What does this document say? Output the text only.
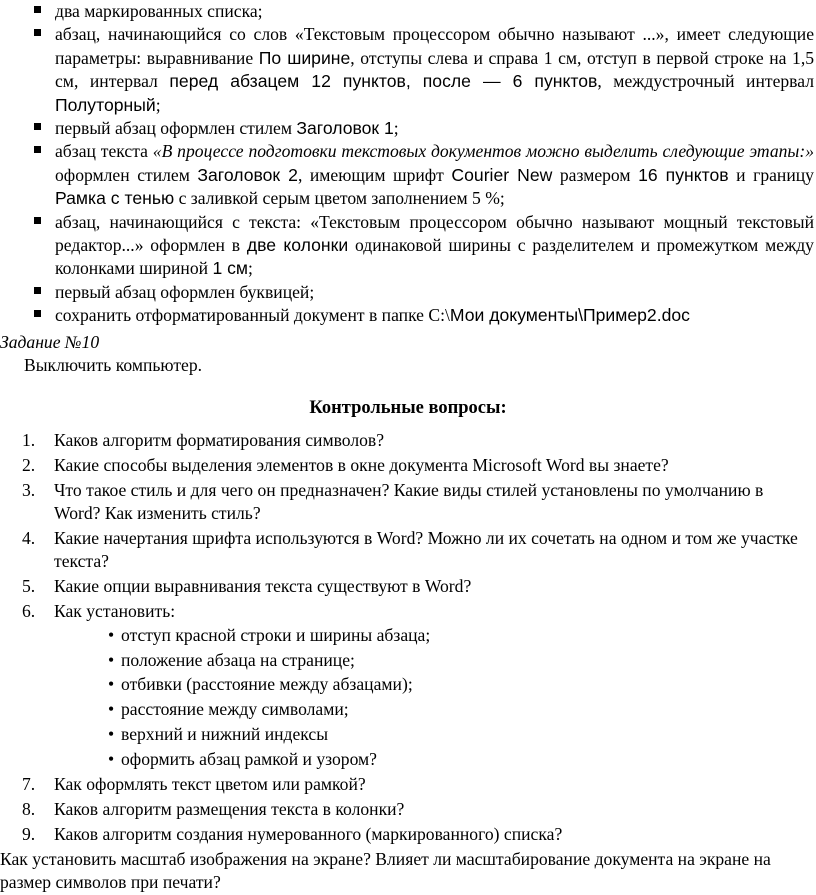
два маркированных списка;
абзац, начинающийся со слов «Текстовым процессором обычно называют ...», имеет следующие параметры: выравнивание По ширине, отступы слева и справа 1 см, отступ в первой строке на 1,5 см, интервал перед абзацем 12 пунктов, после — 6 пунктов, междустрочный интервал Полуторный;
первый абзац оформлен стилем Заголовок 1;
абзац текста «В процессе подготовки текстовых документов можно выделить следующие этапы:» оформлен стилем Заголовок 2, имеющим шрифт Courier New размером 16 пунктов и границу Рамка с тенью с заливкой серым цветом заполнением 5 %;
абзац, начинающийся с текста: «Текстовым процессором обычно называют мощный текстовый редактор...» оформлен в две колонки одинаковой ширины с разделителем и промежутком между колонками шириной 1 см;
первый абзац оформлен буквицей;
сохранить отформатированный документ в папке С:\Мои документы\Пример2.doc

Задание №10

Выключить компьютер.

Контрольные вопросы:
1. Каков алгоритм форматирования символов?
2. Какие способы выделения элементов в окне документа Microsoft Word вы знаете?
3. Что такое стиль и для чего он предназначен? Какие виды стилей установлены по умолчанию в Word? Как изменить стиль?
4. Какие начертания шрифта используются в Word? Можно ли их сочетать на одном и том же участке текста?
5. Какие опции выравнивания текста существуют в Word?
6. Как установить:
• отступ красной строки и ширины абзаца;
• положение абзаца на странице;
• отбивки (расстояние между абзацами);
• расстояние между символами;
• верхний и нижний индексы
• оформить абзац рамкой и узором?
7. Как оформлять текст цветом или рамкой?
8. Каков алгоритм размещения текста в колонки?
9. Каков алгоритм создания нумерованного (маркированного) списка?

Как установить масштаб изображения на экране? Влияет ли масштабирование документа на экране на размер символов при печати?
